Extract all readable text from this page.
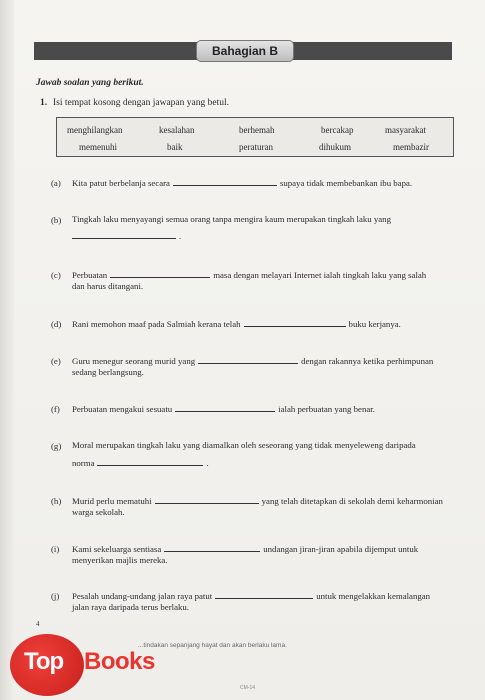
Bahagian B
Jawab soalan yang berikut.
1. Isi tempat kosong dengan jawapan yang betul.
menghilangkan	kesalahan	berhemah	bercakap	masyarakat
memenuhi	baik	peraturan	dihukum	membazir
(a) Kita patut berbelanja secara	supaya tidak membebankan ibu bapa.
(b) Tingkah laku menyayangi semua orang tanpa mengira kaum merupakan tingkah laku yang
.
(c) Perbuatan	masa dengan melayari Internet ialah tingkah laku yang salah
dan harus ditangani.
(d) Rani memohon maaf pada Salmiah kerana telah	buku kerjanya.
(e) Guru menegur seorang murid yang	dengan rakannya ketika perhimpunan
sedang berlangsung.
(f) Perbuatan mengakui sesuatu	ialah perbuatan yang benar.
(g) Moral merupakan tingkah laku yang diamalkan oleh seseorang yang tidak menyeleweng daripada
norma	.
(h) Murid perlu mematuhi	yang telah ditetapkan di sekolah demi keharmonian
warga sekolah.
(i) Kami sekeluarga sentiasa	undangan jiran-jiran apabila dijemput untuk
menyerikan majlis mereka.
(j) Pesalah undang-undang jalan raya patut	untuk mengelakkan kemalangan
jalan raya daripada terus berlaku.
4
...tindakan sepanjang hayat dan akan berlaku lama.
CM-14
Top Books
